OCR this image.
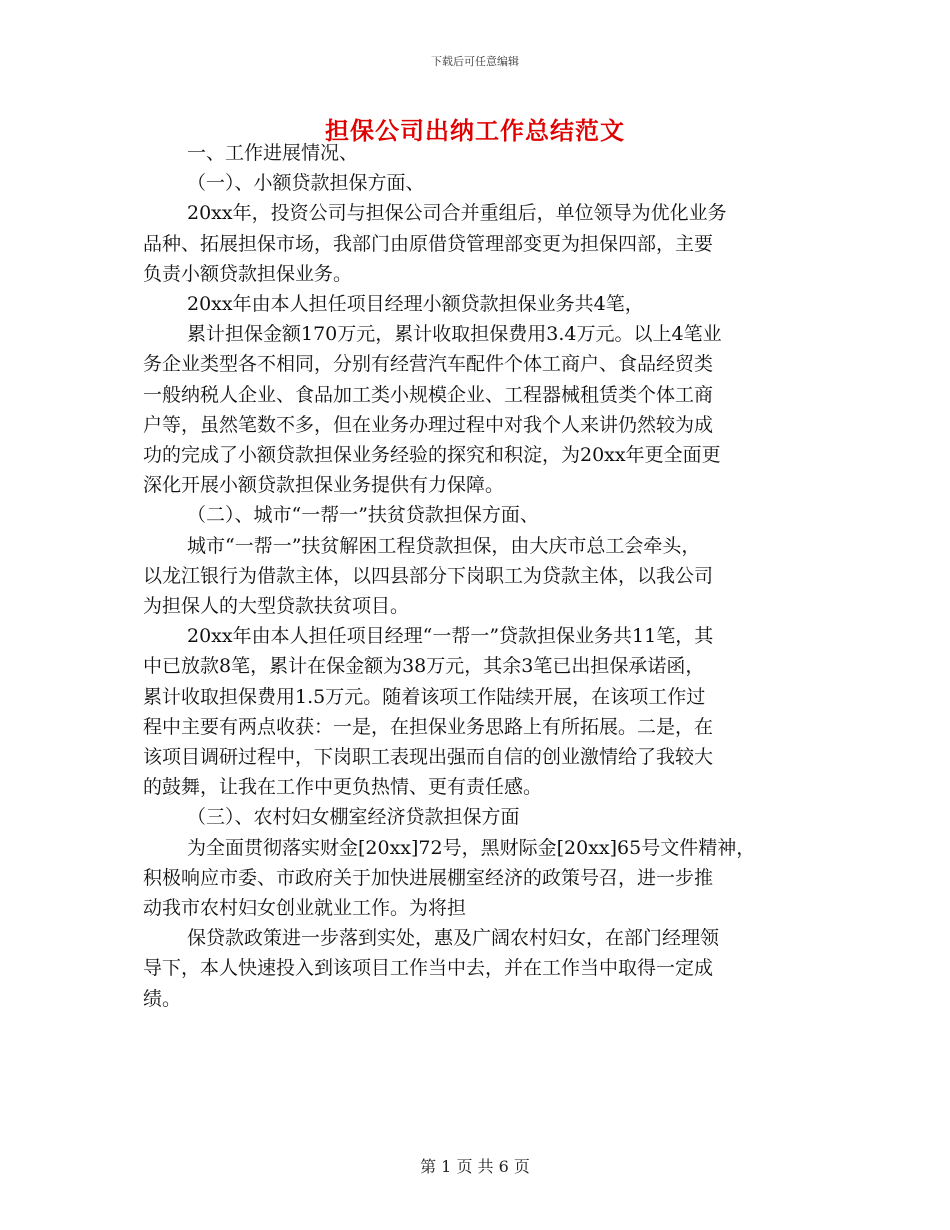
下载后可任意编辑
担保公司出纳工作总结范文

一、工作进展情况、

（一）、小额贷款担保方面、

20xx年，投资公司与担保公司合并重组后，单位领导为优化业务

品种、拓展担保市场，我部门由原借贷管理部变更为担保四部，主要

负责小额贷款担保业务。

20xx年由本人担任项目经理小额贷款担保业务共4笔，

累计担保金额170万元，累计收取担保费用3.4万元。以上4笔业

务企业类型各不相同，分别有经营汽车配件个体工商户、食品经贸类

一般纳税人企业、食品加工类小规模企业、工程器械租赁类个体工商

户等，虽然笔数不多，但在业务办理过程中对我个人来讲仍然较为成

功的完成了小额贷款担保业务经验的探究和积淀，为20xx年更全面更

深化开展小额贷款担保业务提供有力保障。

（二）、城市“一帮一”扶贫贷款担保方面、

城市“一帮一”扶贫解困工程贷款担保，由大庆市总工会牵头，

以龙江银行为借款主体，以四县部分下岗职工为贷款主体，以我公司

为担保人的大型贷款扶贫项目。

20xx年由本人担任项目经理“一帮一”贷款担保业务共11笔，其

中已放款8笔，累计在保金额为38万元，其余3笔已出担保承诺函，

累计收取担保费用1.5万元。随着该项工作陆续开展，在该项工作过

程中主要有两点收获：一是，在担保业务思路上有所拓展。二是，在

该项目调研过程中，下岗职工表现出强而自信的创业激情给了我较大

的鼓舞，让我在工作中更负热情、更有责任感。

（三）、农村妇女棚室经济贷款担保方面

为全面贯彻落实财金[20xx]72号，黑财际金[20xx]65号文件精神，

积极响应市委、市政府关于加快进展棚室经济的政策号召，进一步推

动我市农村妇女创业就业工作。为将担

保贷款政策进一步落到实处，惠及广阔农村妇女，在部门经理领

导下，本人快速投入到该项目工作当中去，并在工作当中取得一定成

绩。

第 1 页 共 6 页
